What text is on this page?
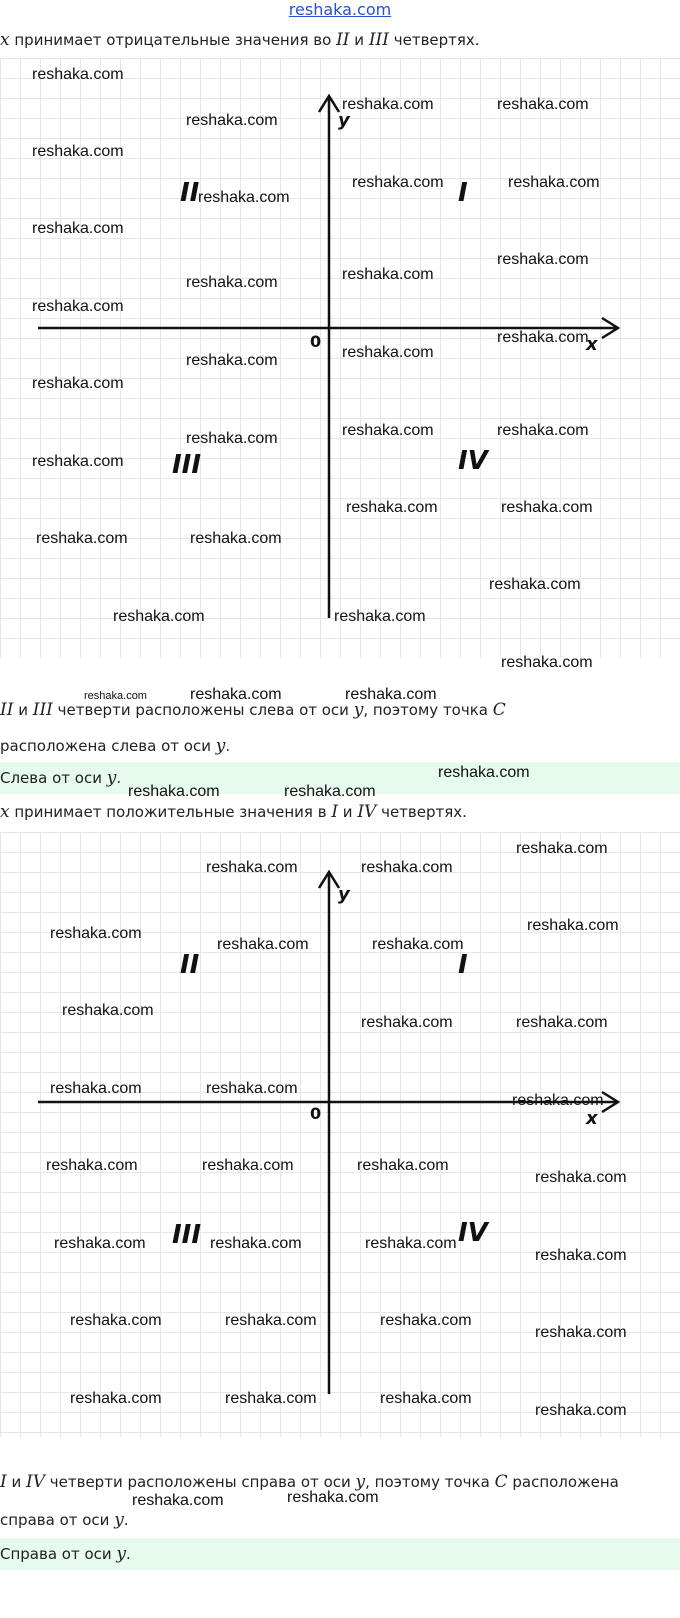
reshaka.com
x принимает отрицательные значения во II и III четвертях.
y
x
0
I
II
III	IV
reshaka.com
reshaka.com	reshaka.com
reshaka.com
reshaka.com
reshaka.com	reshaka.com
reshaka.com
reshaka.com
reshaka.com
reshaka.com
reshaka.com
reshaka.com
reshaka.com
reshaka.com
reshaka.com
reshaka.com
reshaka.com	reshaka.com
reshaka.com
reshaka.com
reshaka.com	reshaka.com
reshaka.com	reshaka.com
reshaka.com
reshaka.com	reshaka.com
reshaka.com
II и III четверти расположены слева от оси y, поэтому точка C
расположена слева от оси y.
Слева от оси y.
reshaka.com	reshaka.com	reshaka.com
reshaka.com
reshaka.com	reshaka.com
x принимает положительные значения в I и IV четвертях.
y
x
0
I
II
III	IV
reshaka.com
reshaka.com	reshaka.com
reshaka.com
reshaka.com
reshaka.com	reshaka.com
reshaka.com
reshaka.com	reshaka.com
reshaka.com	reshaka.com
reshaka.com
reshaka.com	reshaka.com	reshaka.com
reshaka.com
reshaka.com	reshaka.com	reshaka.com
reshaka.com
reshaka.com	reshaka.com	reshaka.com
reshaka.com
reshaka.com	reshaka.com	reshaka.com
reshaka.com
I и IV четверти расположены справа от оси y, поэтому точка C расположена
справа от оси y.
Справа от оси y.
reshaka.com	reshaka.com
